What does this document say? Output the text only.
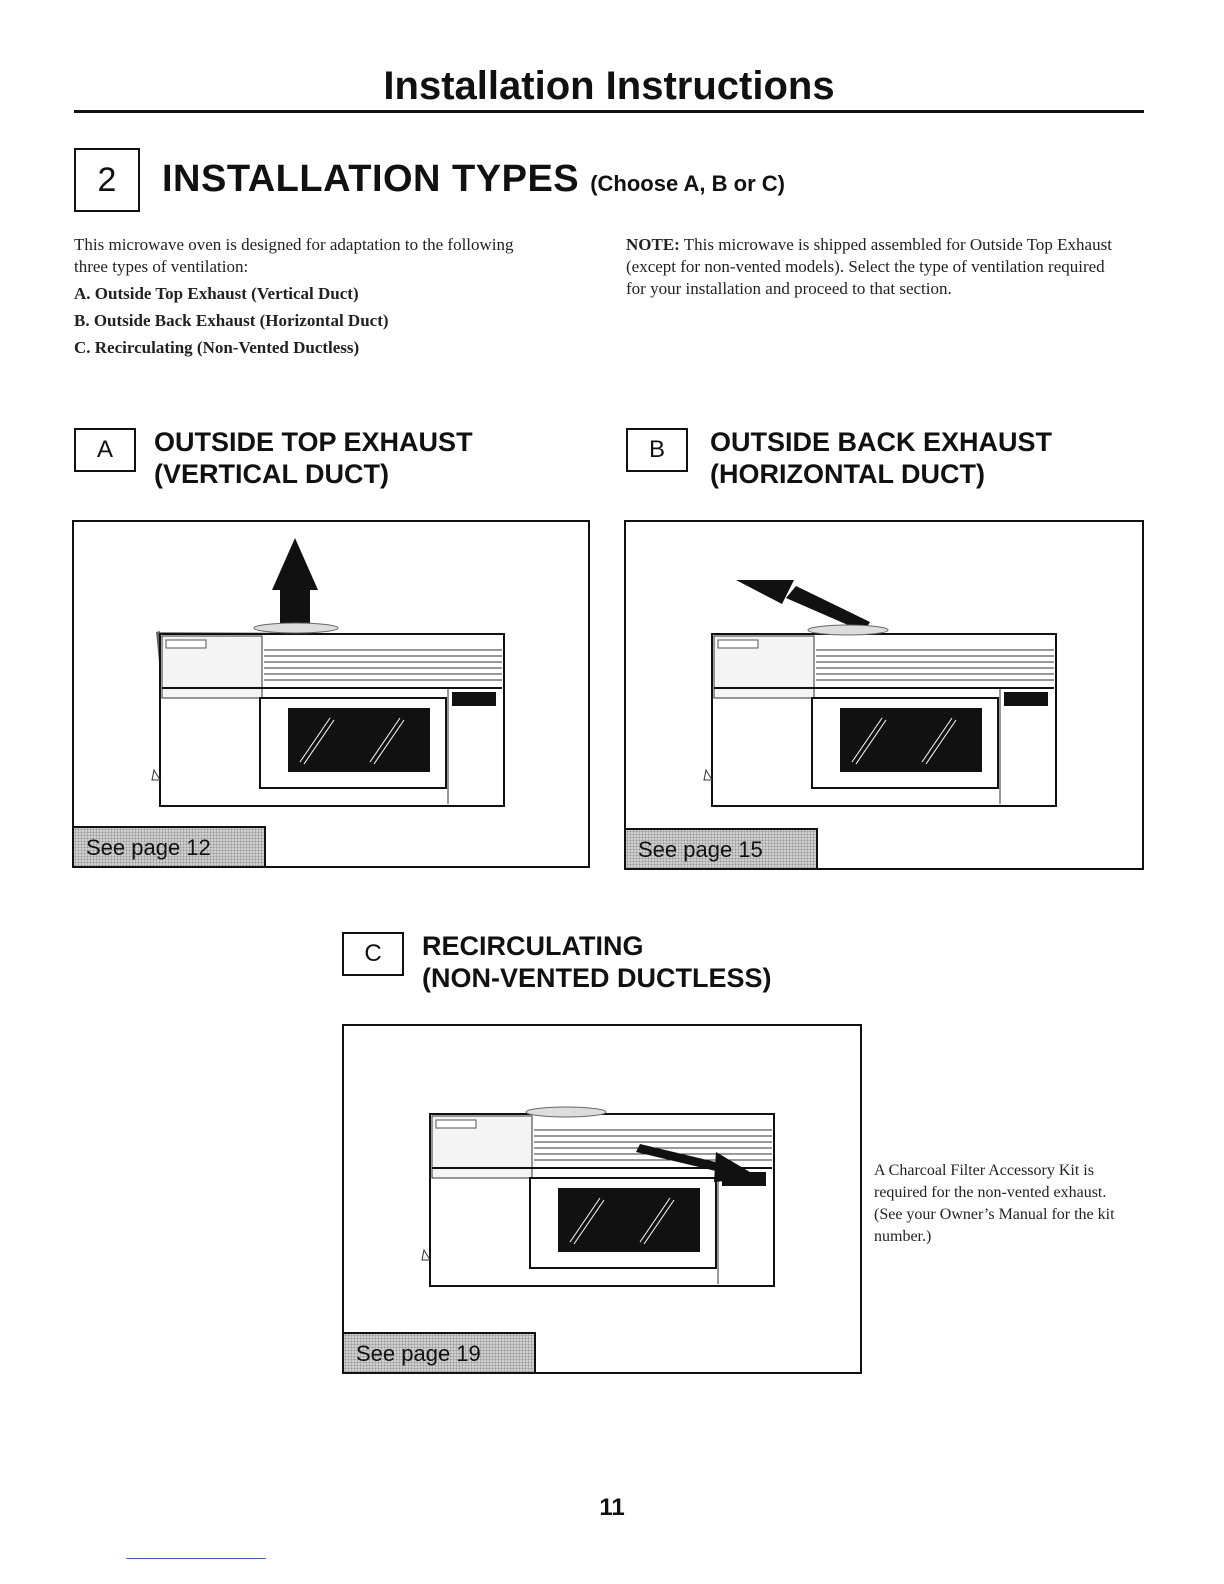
Installation Instructions
2	INSTALLATION TYPES (Choose A, B or C)

This microwave oven is designed for adaptation to the following three types of ventilation:

A. Outside Top Exhaust (Vertical Duct)

B. Outside Back Exhaust (Horizontal Duct)

C. Recirculating (Non-Vented Ductless)

NOTE: This microwave is shipped assembled for Outside Top Exhaust (except for non-vented models). Select the type of ventilation required for your installation and proceed to that section.

A	OUTSIDE TOP EXHAUST
(VERTICAL DUCT)
See page 12
B	OUTSIDE BACK EXHAUST
(HORIZONTAL DUCT)
See page 15
C	RECIRCULATING
(NON-VENTED DUCTLESS)
See page 19
A Charcoal Filter Accessory Kit is required for the non-vented exhaust. (See your Owner’s Manual for the kit number.)
11
